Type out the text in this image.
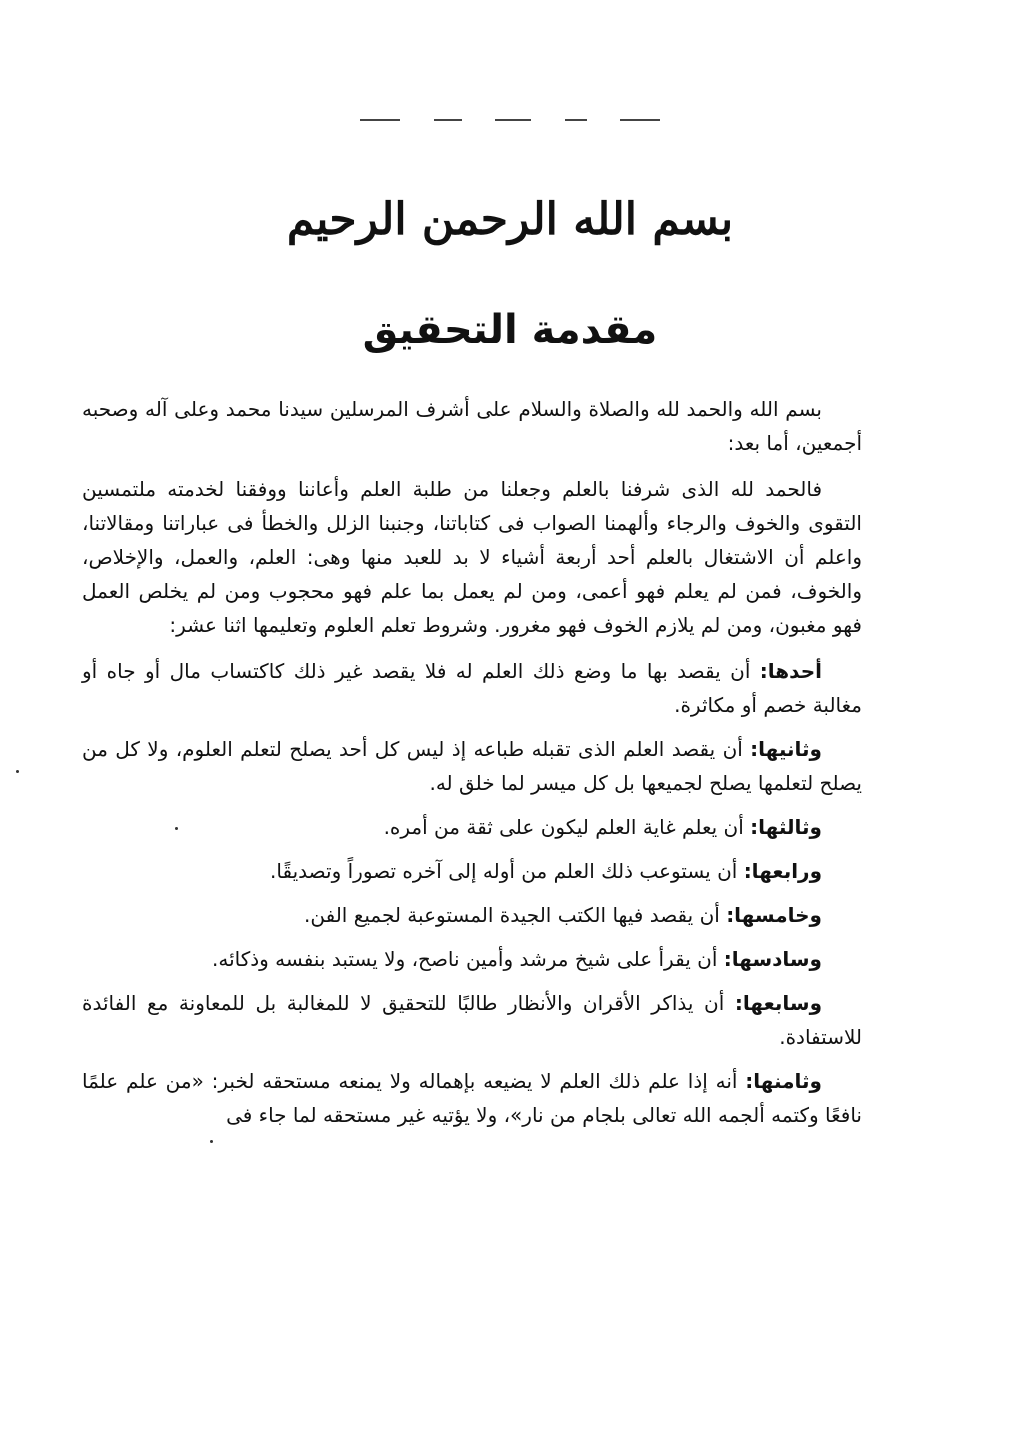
بسم الله الرحمن الرحيم
مقدمة التحقيق

بسم الله والحمد لله والصلاة والسلام على أشرف المرسلين سيدنا محمد وعلى آله وصحبه أجمعين، أما بعد:

فالحمد لله الذى شرفنا بالعلم وجعلنا من طلبة العلم وأعاننا ووفقنا لخدمته ملتمسين التقوى والخوف والرجاء وألهمنا الصواب فى كتاباتنا، وجنبنا الزلل والخطأ فى عباراتنا ومقالاتنا، واعلم أن الاشتغال بالعلم أحد أربعة أشياء لا بد للعبد منها وهى: العلم، والعمل، والإخلاص، والخوف، فمن لم يعلم فهو أعمى، ومن لم يعمل بما علم فهو محجوب ومن لم يخلص العمل فهو مغبون، ومن لم يلازم الخوف فهو مغرور. وشروط تعلم العلوم وتعليمها اثنا عشر:

أحدها: أن يقصد بها ما وضع ذلك العلم له فلا يقصد غير ذلك كاكتساب مال أو جاه أو مغالبة خصم أو مكاثرة.

وثانيها: أن يقصد العلم الذى تقبله طباعه إذ ليس كل أحد يصلح لتعلم العلوم، ولا كل من يصلح لتعلمها يصلح لجميعها بل كل ميسر لما خلق له.

وثالثها: أن يعلم غاية العلم ليكون على ثقة من أمره.

ورابعها: أن يستوعب ذلك العلم من أوله إلى آخره تصوراً وتصديقًا.

وخامسها: أن يقصد فيها الكتب الجيدة المستوعبة لجميع الفن.

وسادسها: أن يقرأ على شيخ مرشد وأمين ناصح، ولا يستبد بنفسه وذكائه.

وسابعها: أن يذاكر الأقران والأنظار طالبًا للتحقيق لا للمغالبة بل للمعاونة مع الفائدة للاستفادة.

وثامنها: أنه إذا علم ذلك العلم لا يضيعه بإهماله ولا يمنعه مستحقه لخبر: «من علم علمًا نافعًا وكتمه ألجمه الله تعالى بلجام من نار»، ولا يؤتيه غير مستحقه لما جاء فى
